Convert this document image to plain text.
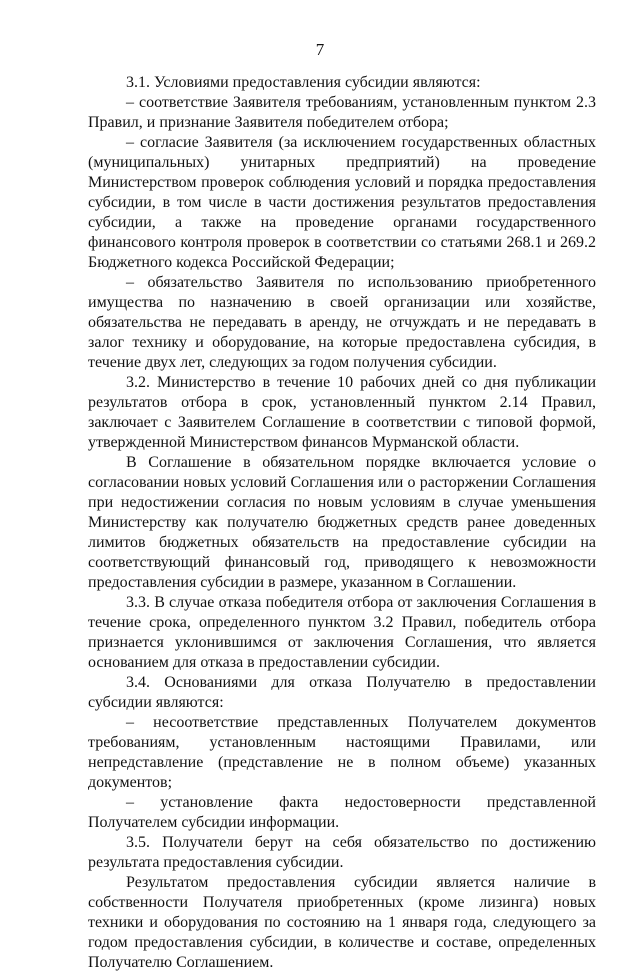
7

3.1. Условиями предоставления субсидии являются:

– соответствие Заявителя требованиям, установленным пунктом 2.3 Правил, и признание Заявителя победителем отбора;

– согласие Заявителя (за исключением государственных областных (муниципальных) унитарных предприятий) на проведение Министерством проверок соблюдения условий и порядка предоставления субсидии, в том числе в части достижения результатов предоставления субсидии, а также на проведение органами государственного финансового контроля проверок в соответствии со статьями 268.1 и 269.2 Бюджетного кодекса Российской Федерации;

– обязательство Заявителя по использованию приобретенного имущества по назначению в своей организации или хозяйстве, обязательства не передавать в аренду, не отчуждать и не передавать в залог технику и оборудование, на которые предоставлена субсидия, в течение двух лет, следующих за годом получения субсидии.

3.2. Министерство в течение 10 рабочих дней со дня публикации результатов отбора в срок, установленный пунктом 2.14 Правил, заключает с Заявителем Соглашение в соответствии с типовой формой, утвержденной Министерством финансов Мурманской области.

В Соглашение в обязательном порядке включается условие о согласовании новых условий Соглашения или о расторжении Соглашения при недостижении согласия по новым условиям в случае уменьшения Министерству как получателю бюджетных средств ранее доведенных лимитов бюджетных обязательств на предоставление субсидии на соответствующий финансовый год, приводящего к невозможности предоставления субсидии в размере, указанном в Соглашении.

3.3. В случае отказа победителя отбора от заключения Соглашения в течение срока, определенного пунктом 3.2 Правил, победитель отбора признается уклонившимся от заключения Соглашения, что является основанием для отказа в предоставлении субсидии.

3.4. Основаниями для отказа Получателю в предоставлении субсидии являются:

– несоответствие представленных Получателем документов требованиям, установленным настоящими Правилами, или непредставление (представление не в полном объеме) указанных документов;

– установление факта недостоверности представленной Получателем субсидии информации.

3.5. Получатели берут на себя обязательство по достижению результата предоставления субсидии.

Результатом предоставления субсидии является наличие в собственности Получателя приобретенных (кроме лизинга) новых техники и оборудования по состоянию на 1 января года, следующего за годом предоставления субсидии, в количестве и составе, определенных Получателю Соглашением.
